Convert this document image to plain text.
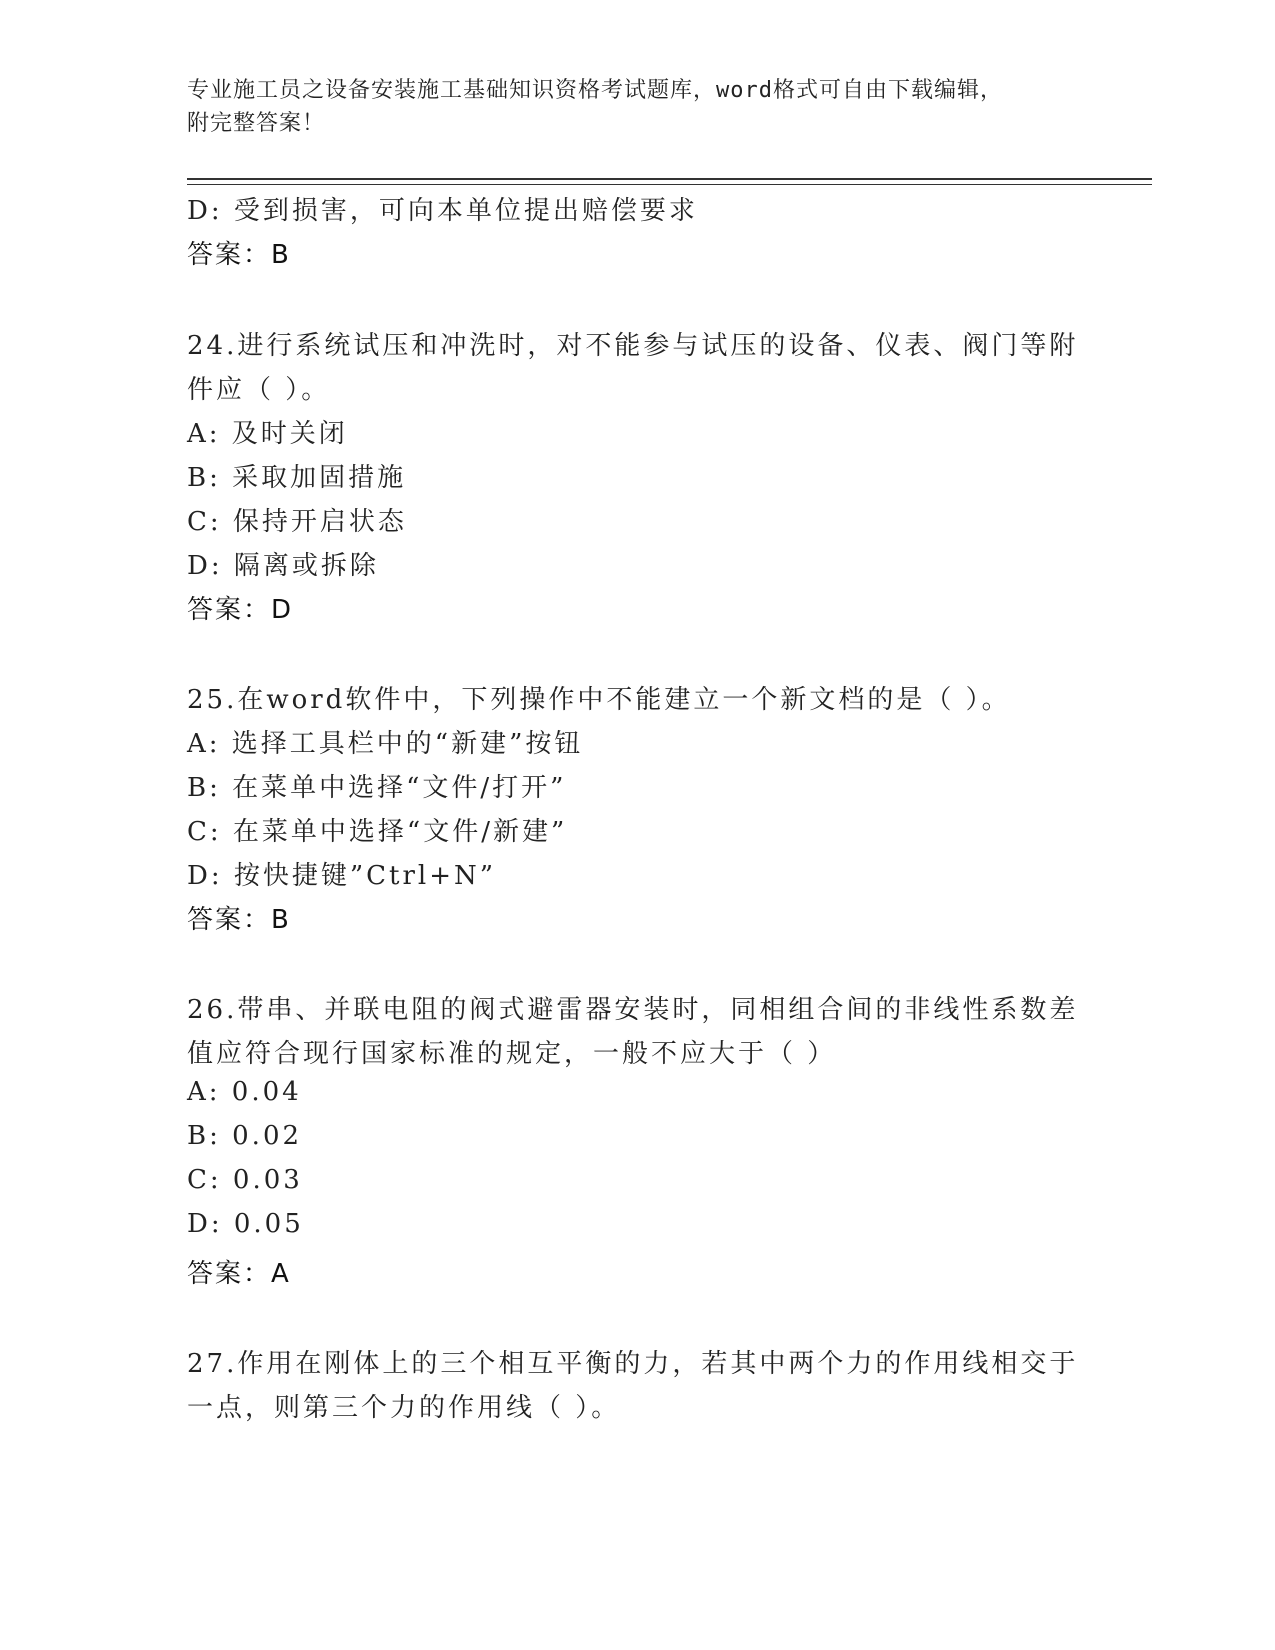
专业施工员之设备安装施工基础知识资格考试题库，word格式可自由下载编辑，
附完整答案！
D: 受到损害，可向本单位提出赔偿要求
答案：B
24.进行系统试压和冲洗时，对不能参与试压的设备、仪表、阀门等附
件应（ ）。
A: 及时关闭
B: 采取加固措施
C: 保持开启状态
D: 隔离或拆除
答案：D
25.在word软件中，下列操作中不能建立一个新文档的是（ ）。
A: 选择工具栏中的“新建”按钮
B: 在菜单中选择“文件/打开”
C: 在菜单中选择“文件/新建”
D: 按快捷键”Ctrl+N”
答案：B
26.带串、并联电阻的阀式避雷器安装时，同相组合间的非线性系数差
值应符合现行国家标准的规定，一般不应大于（ ）
A: 0.04
B: 0.02
C: 0.03
D: 0.05
答案：A
27.作用在刚体上的三个相互平衡的力，若其中两个力的作用线相交于
一点，则第三个力的作用线（ ）。
